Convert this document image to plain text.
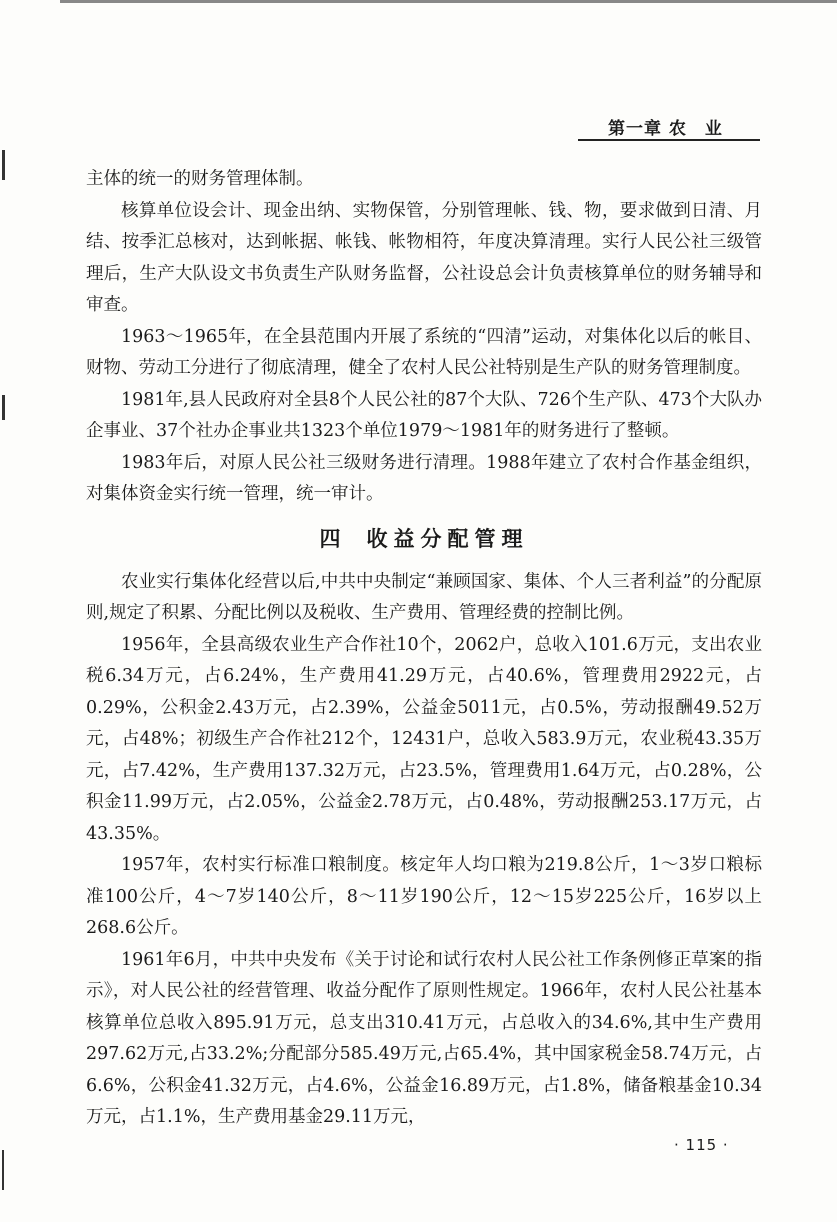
第一章 农　业

主体的统一的财务管理体制。

核算单位设会计、现金出纳、实物保管，分别管理帐、钱、物，要求做到日清、月结、按季汇总核对，达到帐据、帐钱、帐物相符，年度决算清理。实行人民公社三级管理后，生产大队设文书负责生产队财务监督，公社设总会计负责核算单位的财务辅导和审查。

1963～1965年，在全县范围内开展了系统的“四清”运动，对集体化以后的帐目、财物、劳动工分进行了彻底清理，健全了农村人民公社特别是生产队的财务管理制度。

1981年,县人民政府对全县8个人民公社的87个大队、726个生产队、473个大队办企事业、37个社办企事业共1323个单位1979～1981年的财务进行了整顿。

1983年后，对原人民公社三级财务进行清理。1988年建立了农村合作基金组织，对集体资金实行统一管理，统一审计。

四 收益分配管理

农业实行集体化经营以后,中共中央制定“兼顾国家、集体、个人三者利益”的分配原则,规定了积累、分配比例以及税收、生产费用、管理经费的控制比例。

1956年，全县高级农业生产合作社10个，2062户，总收入101.6万元，支出农业税6.34万元，占6.24%，生产费用41.29万元，占40.6%，管理费用2922元，占0.29%，公积金2.43万元，占2.39%，公益金5011元，占0.5%，劳动报酬49.52万元，占48%；初级生产合作社212个，12431户，总收入583.9万元，农业税43.35万元，占7.42%，生产费用137.32万元，占23.5%，管理费用1.64万元，占0.28%，公积金11.99万元，占2.05%，公益金2.78万元，占0.48%，劳动报酬253.17万元，占43.35%。

1957年，农村实行标准口粮制度。核定年人均口粮为219.8公斤，1～3岁口粮标准100公斤，4～7岁140公斤，8～11岁190公斤，12～15岁225公斤，16岁以上268.6公斤。

1961年6月，中共中央发布《关于讨论和试行农村人民公社工作条例修正草案的指示》，对人民公社的经营管理、收益分配作了原则性规定。1966年，农村人民公社基本核算单位总收入895.91万元，总支出310.41万元，占总收入的34.6%,其中生产费用297.62万元,占33.2%;分配部分585.49万元,占65.4%，其中国家税金58.74万元，占6.6%，公积金41.32万元，占4.6%，公益金16.89万元，占1.8%，储备粮基金10.34万元，占1.1%，生产费用基金29.11万元，

· 115 ·
